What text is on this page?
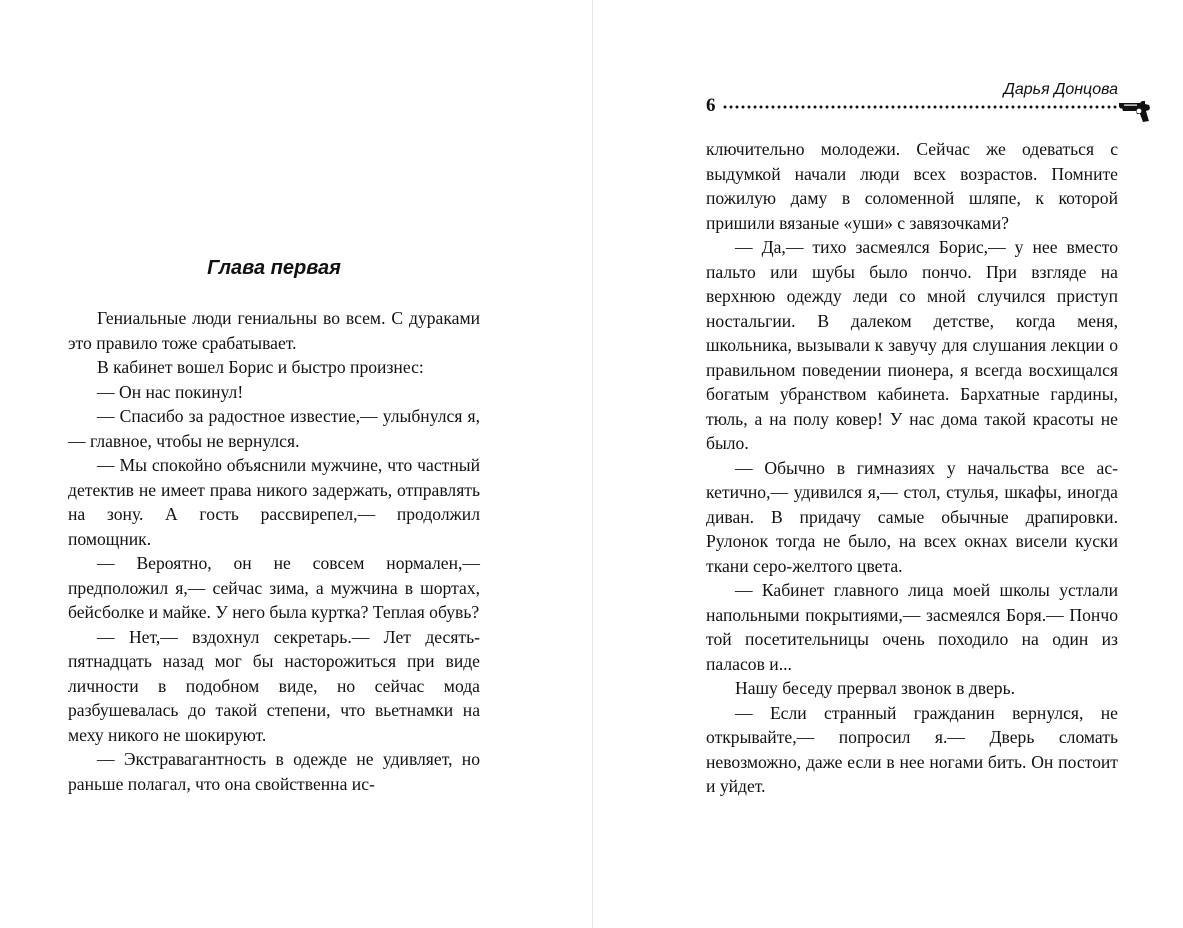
Глава первая

Гениальные люди гениальны во всем. С дураками это правило тоже срабатывает.

В кабинет вошел Борис и быстро произнес:

— Он нас покинул!

— Спасибо за радостное известие,— улыбнулся я,— главное, чтобы не вернулся.

— Мы спокойно объяснили мужчине, что частный детектив не имеет права никого задержать, отправлять на зону. А гость рассвирепел,— продолжил помощник.

— Вероятно, он не совсем нормален,— предположил я,— сейчас зима, а мужчина в шортах, бейсболке и майке. У него была куртка? Теплая обувь?

— Нет,— вздохнул секретарь.— Лет десять-пятнадцать назад мог бы насторожиться при виде личности в подобном виде, но сейчас мода разбушевалась до такой степени, что вьетнамки на меху никого не шокируют.

— Экстравагантность в одежде не удивляет, но раньше полагал, что она свойственна ис-

Дарья Донцова
6

ключительно молодежи. Сейчас же одеваться с выдумкой начали люди всех возрастов. Помните пожилую даму в соломенной шляпе, к которой пришили вязаные «уши» с завязочками?

— Да,— тихо засмеялся Борис,— у нее вместо пальто или шубы было пончо. При взгляде на верхнюю одежду леди со мной случился приступ ностальгии. В далеком детстве, когда меня, школьника, вызывали к завучу для слушания лекции о правильном поведении пионера, я всегда восхищался богатым убранством кабинета. Бархатные гардины, тюль, а на полу ковер! У нас дома такой красоты не было.

— Обычно в гимназиях у начальства все аскетично,— удивился я,— стол, стулья, шкафы, иногда диван. В придачу самые обычные драпировки. Рулонок тогда не было, на всех окнах висели куски ткани серо-желтого цвета.

— Кабинет главного лица моей школы устлали напольными покрытиями,— засмеялся Боря.— Пончо той посетительницы очень походило на один из паласов и...

Нашу беседу прервал звонок в дверь.

— Если странный гражданин вернулся, не открывайте,— попросил я.— Дверь сломать невозможно, даже если в нее ногами бить. Он постоит и уйдет.
